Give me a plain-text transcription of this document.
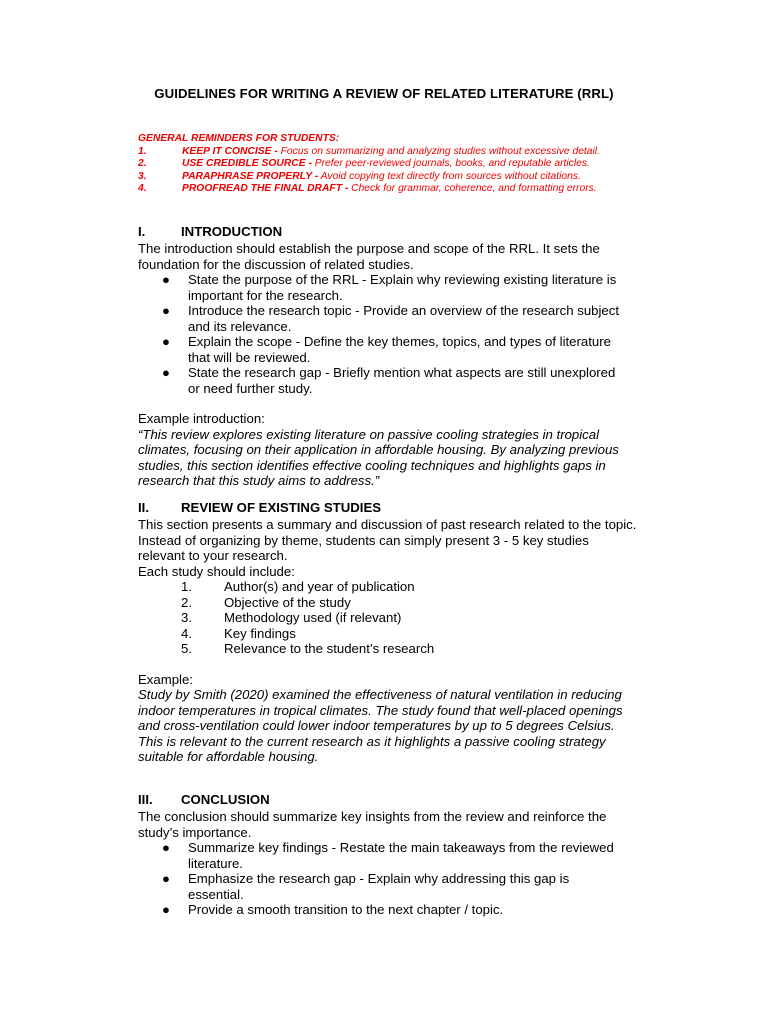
GUIDELINES FOR WRITING A REVIEW OF RELATED LITERATURE (RRL)
GENERAL REMINDERS FOR STUDENTS:
1.	KEEP IT CONCISE - Focus on summarizing and analyzing studies without excessive detail.
2.	USE CREDIBLE SOURCE - Prefer peer-reviewed journals, books, and reputable articles.
3.	PARAPHRASE PROPERLY - Avoid copying text directly from sources without citations.
4.	PROOFREAD THE FINAL DRAFT - Check for grammar, coherence, and formatting errors.
I.	INTRODUCTION

The introduction should establish the purpose and scope of the RRL. It sets the foundation for the discussion of related studies.

● State the purpose of the RRL - Explain why reviewing existing literature is important for the research.
● Introduce the research topic - Provide an overview of the research subject and its relevance.
● Explain the scope - Define the key themes, topics, and types of literature that will be reviewed.
● State the research gap - Briefly mention what aspects are still unexplored or need further study.

Example introduction:

“This review explores existing literature on passive cooling strategies in tropical climates, focusing on their application in affordable housing. By analyzing previous studies, this section identifies effective cooling techniques and highlights gaps in research that this study aims to address.”

II. REVIEW OF EXISTING STUDIES

This section presents a summary and discussion of past research related to the topic. Instead of organizing by theme, students can simply present 3 - 5 key studies relevant to your research.

Each study should include:

1. Author(s) and year of publication
2. Objective of the study
3. Methodology used (if relevant)
4. Key findings
5. Relevance to the student’s research

Example:

Study by Smith (2020) examined the effectiveness of natural ventilation in reducing indoor temperatures in tropical climates. The study found that well-placed openings and cross-ventilation could lower indoor temperatures by up to 5 degrees Celsius. This is relevant to the current research as it highlights a passive cooling strategy suitable for affordable housing.

III. CONCLUSION

The conclusion should summarize key insights from the review and reinforce the study’s importance.

● Summarize key findings - Restate the main takeaways from the reviewed literature.
● Emphasize the research gap - Explain why addressing this gap is essential.
● Provide a smooth transition to the next chapter / topic.
